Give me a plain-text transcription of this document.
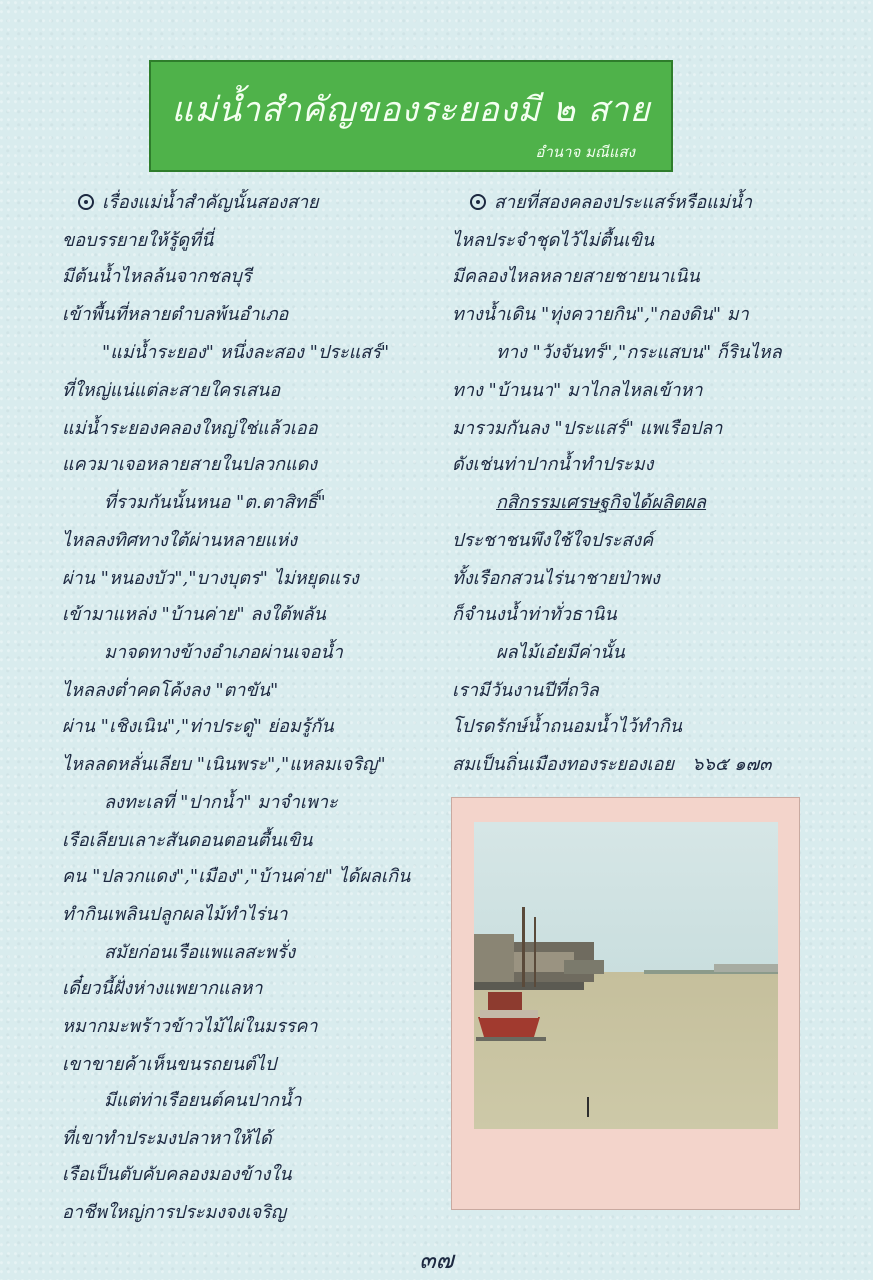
แม่น้ำสำคัญของระยองมี ๒ สาย
อำนาจ มณีแสง
เรื่องแม่น้ำสำคัญนั้นสองสาย
ขอบรรยายให้รู้ดูที่นี่
มีต้นน้ำไหลล้นจากชลบุรี
เข้าพื้นที่หลายตำบลพ้นอำเภอ
"แม่น้ำระยอง" หนึ่งละสอง "ประแสร์"
ที่ใหญ่แน่แต่ละสายใครเสนอ
แม่น้ำระยองคลองใหญ่ใช่แล้วเออ
แควมาเจอหลายสายในปลวกแดง
ที่รวมกันนั้นหนอ "ต.ตาสิทธิ์"
ไหลลงทิศทางใต้ผ่านหลายแห่ง
ผ่าน "หนองบัว","บางบุตร" ไม่หยุดแรง
เข้ามาแหล่ง "บ้านค่าย" ลงใต้พลัน
มาจดทางข้างอำเภอผ่านเจอน้ำ
ไหลลงต่ำคดโค้งลง "ตาขัน"
ผ่าน "เชิงเนิน","ท่าประดู่" ย่อมรู้กัน
ไหลลดหลั่นเลียบ "เนินพระ","แหลมเจริญ"
ลงทะเลที่ "ปากน้ำ" มาจำเพาะ
เรือเลียบเลาะสันดอนตอนตื้นเขิน
คน "ปลวกแดง","เมือง","บ้านค่าย" ได้ผลเกิน
ทำกินเพลินปลูกผลไม้ทำไร่นา
สมัยก่อนเรือแพแลสะพรั่ง
เดี๋ยวนี้ฝั่งห่างแพยากแลหา
หมากมะพร้าวข้าวไม้ไผ่ในมรรคา
เขาขายค้าเห็นขนรถยนต์ไป
มีแต่ท่าเรือยนต์คนปากน้ำ
ที่เขาทำประมงปลาหาให้ได้
เรือเป็นตับคับคลองมองข้างใน
อาชีพใหญ่การประมงจงเจริญ
สายที่สองคลองประแสร์หรือแม่น้ำ
ไหลประจำชุดไว้ไม่ตื้นเขิน
มีคลองไหลหลายสายชายนาเนิน
ทางน้ำเดิน "ทุ่งควายกิน","กองดิน" มา
ทาง "วังจันทร์","กระแสบน" ก็รินไหล
ทาง "บ้านนา" มาไกลไหลเข้าหา
มารวมกันลง "ประแสร์" แพเรือปลา
ดังเช่นท่าปากน้ำทำประมง
กสิกรรมเศรษฐกิจได้ผลิตผล
ประชาชนพึงใช้ใจประสงค์
ทั้งเรือกสวนไร่นาชายป่าพง
ก็จำนงน้ำท่าทั่วธานิน
ผลไม้เอ๋ยมีค่านั้น
เรามีวันงานปีที่ถวิล
โปรดรักษ์น้ำถนอมน้ำไว้ทำกิน
สมเป็นถิ่นเมืองทองระยองเอย ๖๖๕ ๑๗๓
๓๗
